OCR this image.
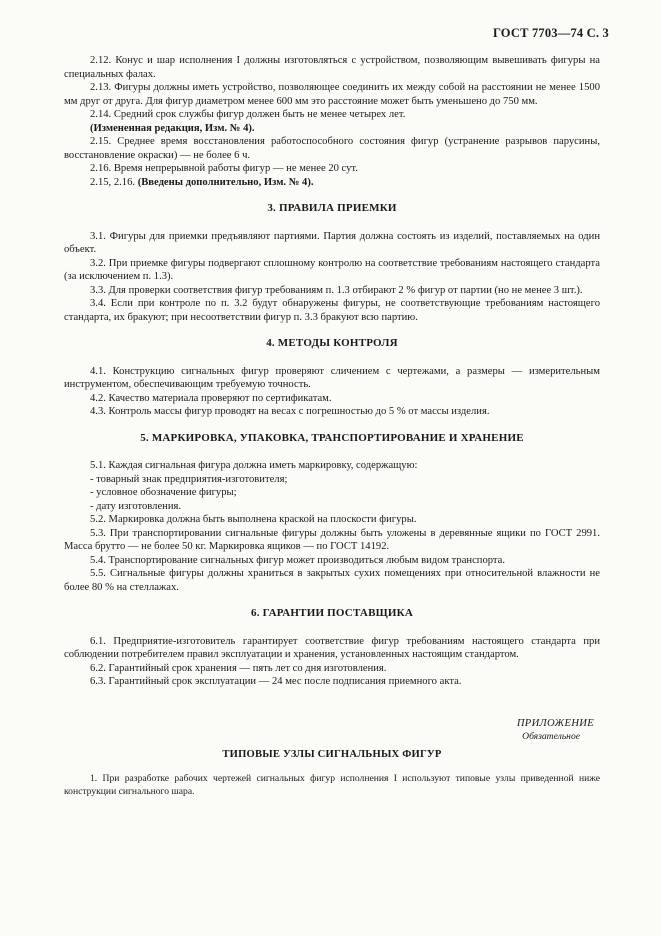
ГОСТ 7703—74 С. 3

2.12. Конус и шар исполнения I должны изготовляться с устройством, позволяющим вывешивать фигуры на специальных фалах.

2.13. Фигуры должны иметь устройство, позволяющее соединить их между собой на расстоянии не менее 1500 мм друг от друга. Для фигур диаметром менее 600 мм это расстояние может быть уменьшено до 750 мм.

2.14. Средний срок службы фигур должен быть не менее четырех лет.

(Измененная редакция, Изм. № 4).

2.15. Среднее время восстановления работоспособного состояния фигур (устранение разрывов парусины, восстановление окраски) — не более 6 ч.

2.16. Время непрерывной работы фигур — не менее 20 сут.

2.15, 2.16. (Введены дополнительно, Изм. № 4).

3. ПРАВИЛА ПРИЕМКИ

3.1. Фигуры для приемки предъявляют партиями. Партия должна состоять из изделий, поставляемых на один объект.

3.2. При приемке фигуры подвергают сплошному контролю на соответствие требованиям настоящего стандарта (за исключением п. 1.3).

3.3. Для проверки соответствия фигур требованиям п. 1.3 отбирают 2 % фигур от партии (но не менее 3 шт.).

3.4. Если при контроле по п. 3.2 будут обнаружены фигуры, не соответствующие требованиям настоящего стандарта, их бракуют; при несоответствии фигур п. 3.3 бракуют всю партию.

4. МЕТОДЫ КОНТРОЛЯ

4.1. Конструкцию сигнальных фигур проверяют сличением с чертежами, а размеры — измерительным инструментом, обеспечивающим требуемую точность.

4.2. Качество материала проверяют по сертификатам.

4.3. Контроль массы фигур проводят на весах с погрешностью до 5 % от массы изделия.

5. МАРКИРОВКА, УПАКОВКА, ТРАНСПОРТИРОВАНИЕ И ХРАНЕНИЕ

5.1. Каждая сигнальная фигура должна иметь маркировку, содержащую:

- товарный знак предприятия-изготовителя;

- условное обозначение фигуры;

- дату изготовления.

5.2. Маркировка должна быть выполнена краской на плоскости фигуры.

5.3. При транспортировании сигнальные фигуры должны быть уложены в деревянные ящики по ГОСТ 2991. Масса брутто — не более 50 кг. Маркировка ящиков — по ГОСТ 14192.

5.4. Транспортирование сигнальных фигур может производиться любым видом транспорта.

5.5. Сигнальные фигуры должны храниться в закрытых сухих помещениях при относительной влажности не более 80 % на стеллажах.

6. ГАРАНТИИ ПОСТАВЩИКА

6.1. Предприятие-изготовитель гарантирует соответствие фигур требованиям настоящего стандарта при соблюдении потребителем правил эксплуатации и хранения, установленных настоящим стандартом.

6.2. Гарантийный срок хранения — пять лет со дня изготовления.

6.3. Гарантийный срок эксплуатации — 24 мес после подписания приемного акта.

ПРИЛОЖЕНИЕ
Обязательное

ТИПОВЫЕ УЗЛЫ СИГНАЛЬНЫХ ФИГУР

1. При разработке рабочих чертежей сигнальных фигур исполнения I используют типовые узлы приведенной ниже конструкции сигнального шара.
